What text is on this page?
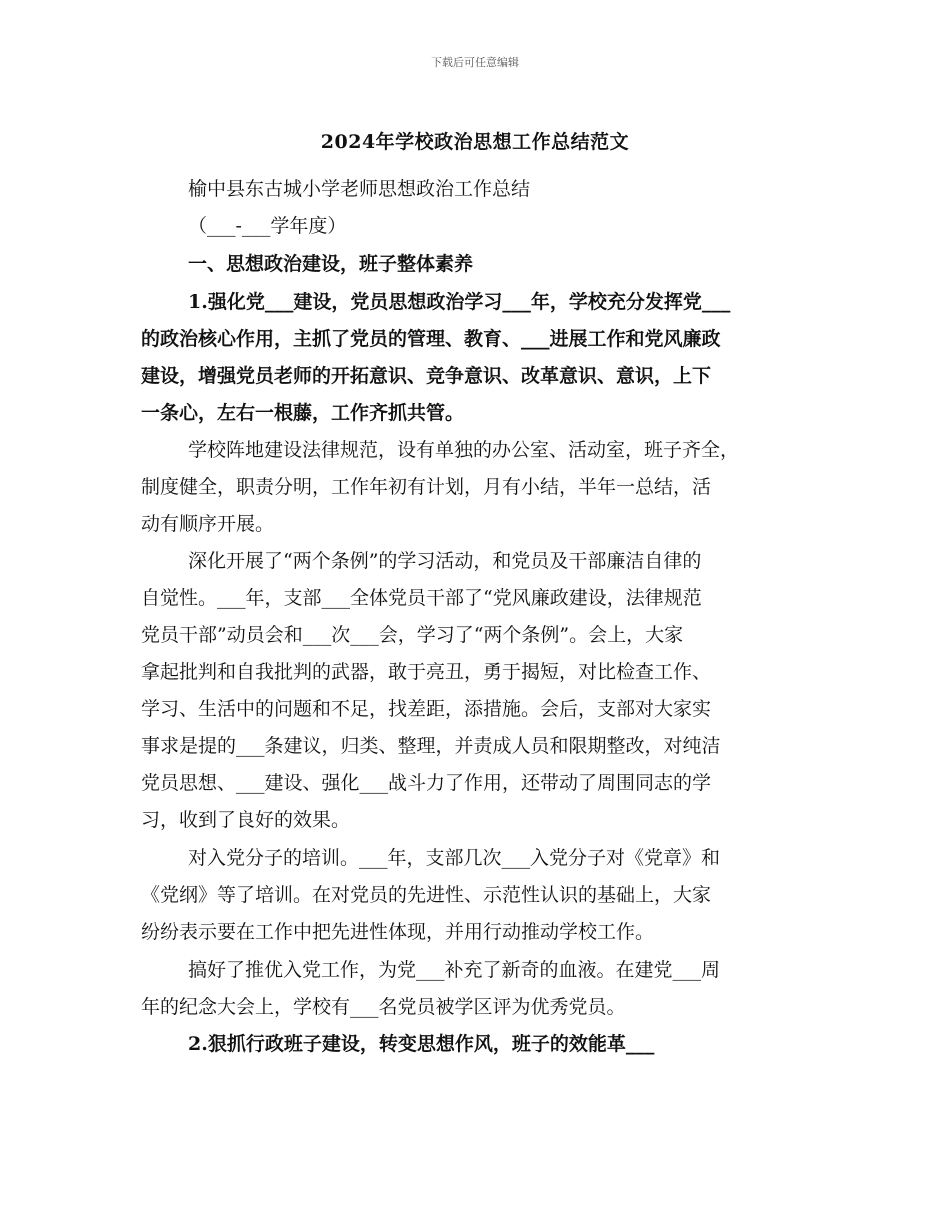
下载后可任意编辑
2024年学校政治思想工作总结范文
榆中县东古城小学老师思想政治工作总结
（___-___学年度）
一、思想政治建设，班子整体素养
1.强化党___建设，党员思想政治学习___年，学校充分发挥党___
的政治核心作用，主抓了党员的管理、教育、___进展工作和党风廉政
建设，增强党员老师的开拓意识、竞争意识、改革意识、意识，上下
一条心，左右一根藤，工作齐抓共管。
学校阵地建设法律规范，设有单独的办公室、活动室，班子齐全，
制度健全，职责分明，工作年初有计划，月有小结，半年一总结，活
动有顺序开展。
深化开展了“两个条例”的学习活动，和党员及干部廉洁自律的
自觉性。___年，支部___全体党员干部了“党风廉政建设，法律规范
党员干部”动员会和___次___会，学习了“两个条例”。会上，大家
拿起批判和自我批判的武器，敢于亮丑，勇于揭短，对比检查工作、
学习、生活中的问题和不足，找差距，添措施。会后，支部对大家实
事求是提的___条建议，归类、整理，并责成人员和限期整改，对纯洁
党员思想、___建设、强化___战斗力了作用，还带动了周围同志的学
习，收到了良好的效果。
对入党分子的培训。___年，支部几次___入党分子对《党章》和
《党纲》等了培训。在对党员的先进性、示范性认识的基础上，大家
纷纷表示要在工作中把先进性体现，并用行动推动学校工作。
搞好了推优入党工作，为党___补充了新奇的血液。在建党___周
年的纪念大会上，学校有___名党员被学区评为优秀党员。
2.狠抓行政班子建设，转变思想作风，班子的效能革___
